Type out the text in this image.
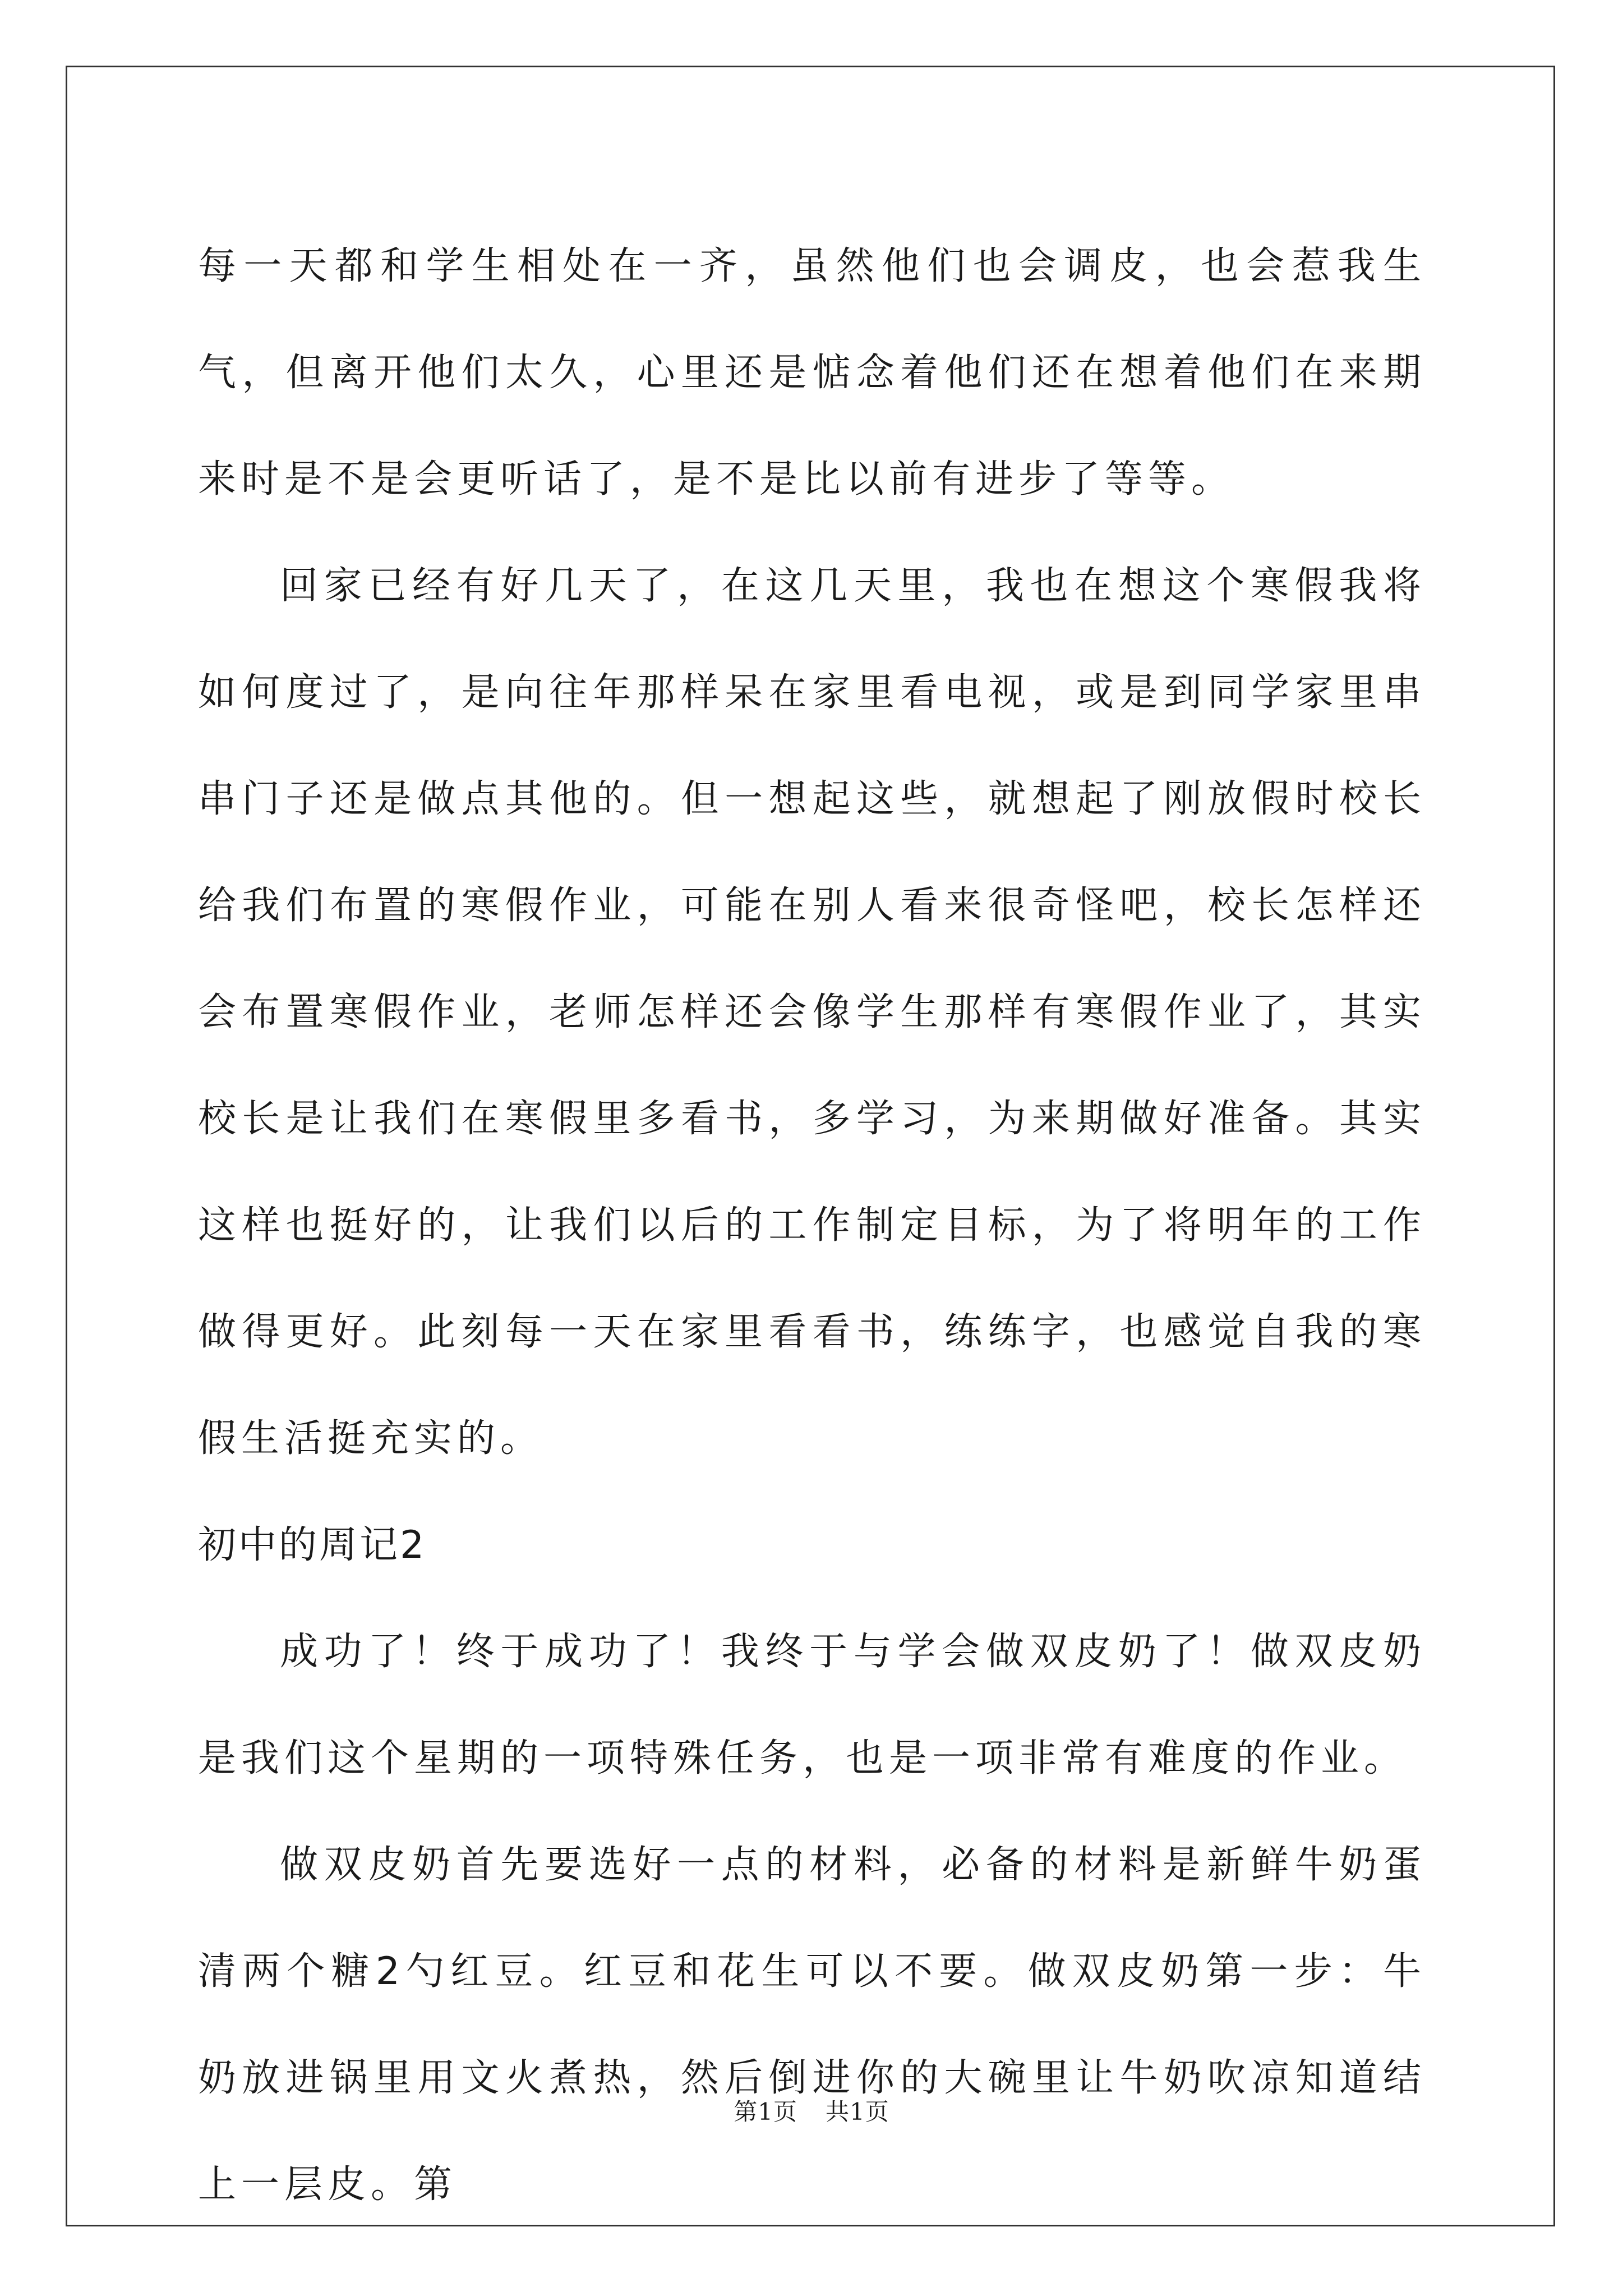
每一天都和学生相处在一齐，虽然他们也会调皮，也会惹我生气，但离开他们太久，心里还是惦念着他们还在想着他们在来期来时是不是会更听话了，是不是比以前有进步了等等。

回家已经有好几天了，在这几天里，我也在想这个寒假我将如何度过了，是向往年那样呆在家里看电视，或是到同学家里串串门子还是做点其他的。但一想起这些，就想起了刚放假时校长给我们布置的寒假作业，可能在别人看来很奇怪吧，校长怎样还会布置寒假作业，老师怎样还会像学生那样有寒假作业了，其实校长是让我们在寒假里多看书，多学习，为来期做好准备。其实这样也挺好的，让我们以后的工作制定目标，为了将明年的工作做得更好。此刻每一天在家里看看书，练练字，也感觉自我的寒假生活挺充实的。

初中的周记2

成功了！终于成功了！我终于与学会做双皮奶了！做双皮奶是我们这个星期的一项特殊任务，也是一项非常有难度的作业。

做双皮奶首先要选好一点的材料，必备的材料是新鲜牛奶蛋清两个糖2勺红豆。红豆和花生可以不要。做双皮奶第一步：牛奶放进锅里用文火煮热，然后倒进你的大碗里让牛奶吹凉知道结上一层皮。第

第1页 共1页
